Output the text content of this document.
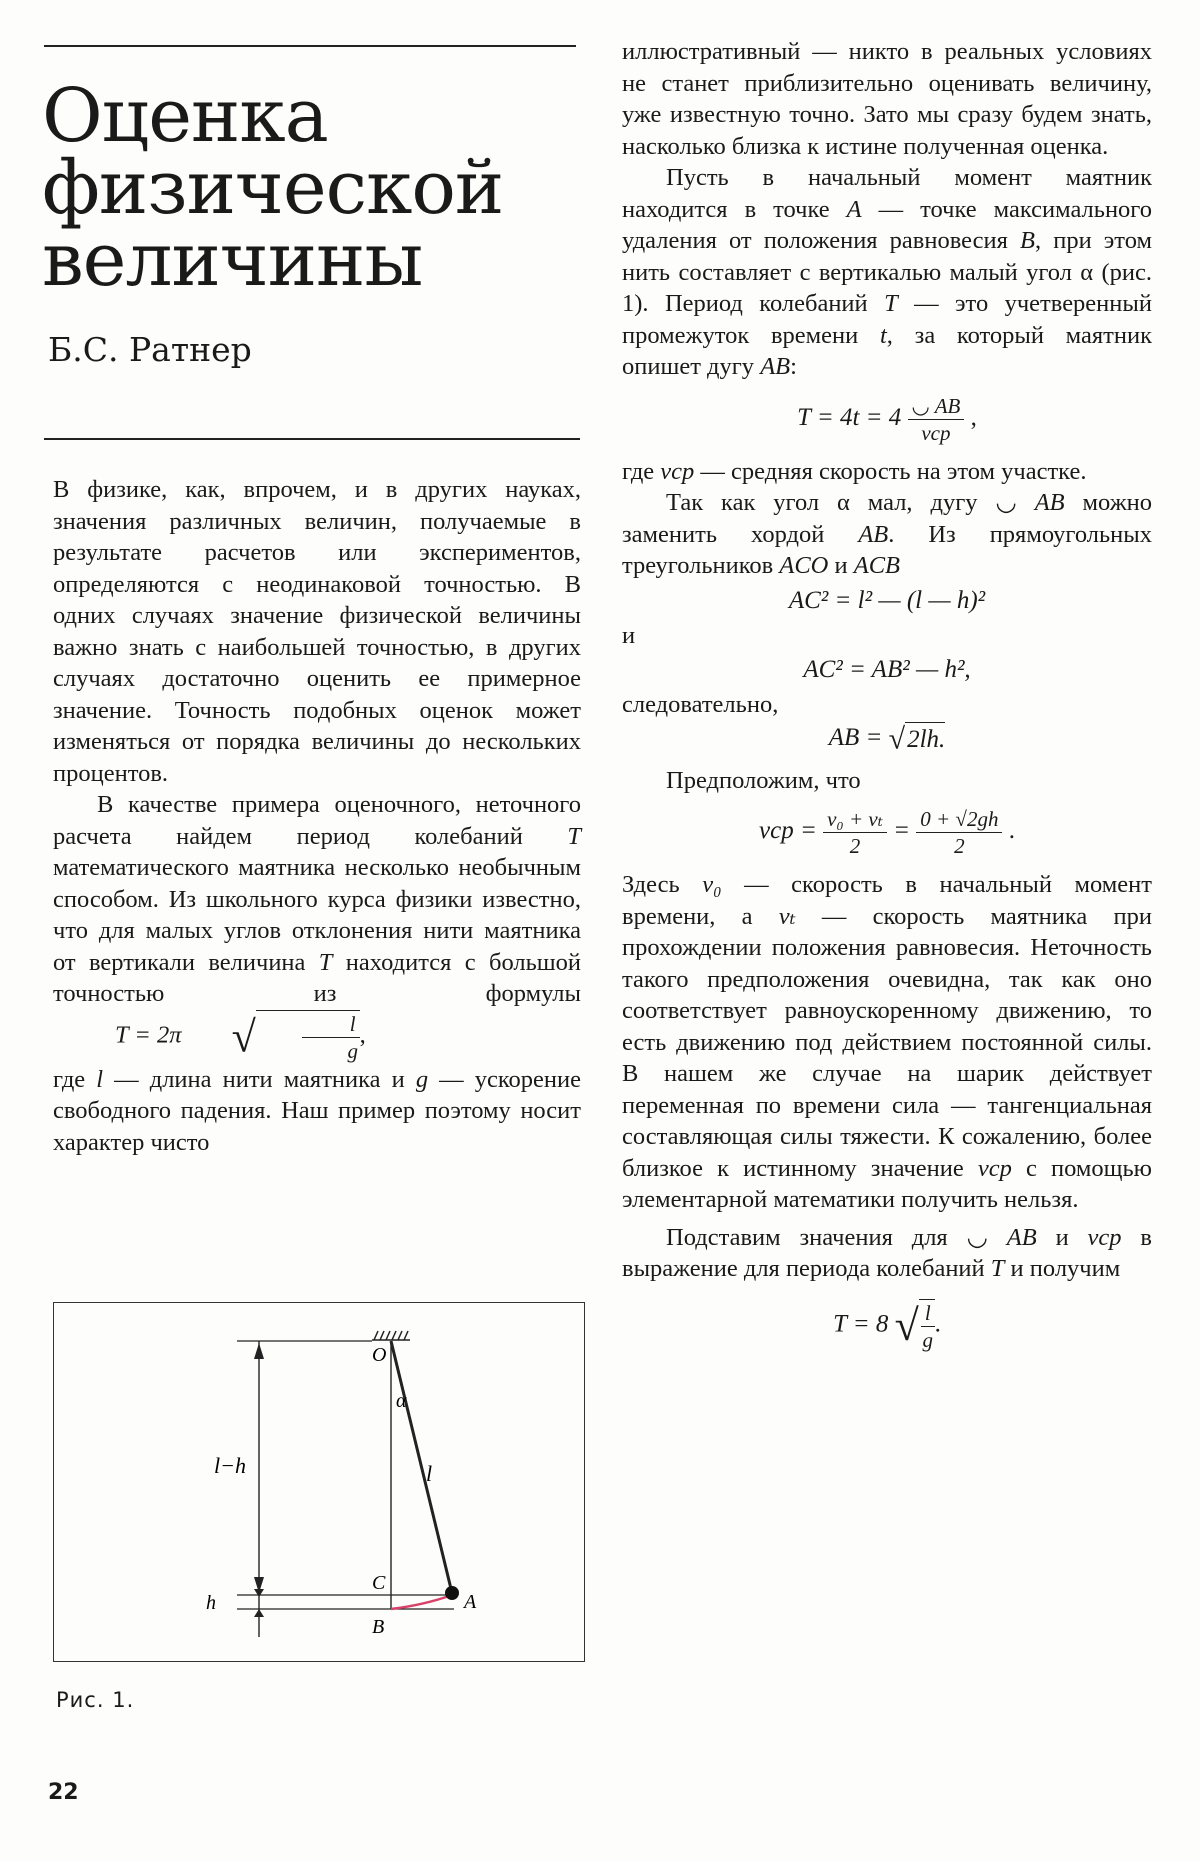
Оценка
физической
величины
Б.С. Ратнер

В физике, как, впрочем, и в других науках, значения различных величин, получаемые в результате расчетов или экспериментов, определяются с неодинаковой точностью. В одних случаях значение физической величины важно знать с наибольшей точностью, в других случаях достаточно оценить ее примерное значение. Точность подобных оценок может изменяться от порядка величины до нескольких процентов.

В качестве примера оценочного, неточного расчета найдем период колебаний T математического маятника несколько необычным способом. Из школьного курса физики известно, что для малых углов отклонения нити маятника от вертикали величина T находится с большой точностью из формулы T = 2π √ $\frac{l}{g}$ ,

где l — длина нити маятника и g — ускорение свободного падения. Наш пример поэтому носит характер чисто

O
α
l
l−h
C
h	A
B
Рис. 1.
22

иллюстративный — никто в реальных условиях не станет приблизительно оценивать величину, уже известную точно. Зато мы сразу будем знать, насколько близка к истине полученная оценка.

Пусть в начальный момент маятник находится в точке A — точке максимального удаления от положения равновесия B, при этом нить составляет с вертикалью малый угол α (рис. 1). Период колебаний T — это учетверенный промежуток времени t, за который маятник опишет дугу AB:

$T = 4t = 4 \frac{◡ AB}{\text{vср}}$ ,

где vср — средняя скорость на этом участке.

Так как угол α мал, дугу ◡ AB можно заменить хордой AB. Из прямоугольных треугольников ACO и ACB

AC² = l² — (l — h)²

и

AC² = AB² — h²,

следовательно,

AB = √2lh.

Предположим, что

vср = $\frac{\text{v₀ + vₜ}}{2} = \frac{0 + √2gh}{2}$ .

Здесь v₀ — скорость в начальный момент времени, а vₜ — скорость маятника при прохождении положения равновесия. Неточность такого предположения очевидна, так как оно соответствует равноускоренному движению, то есть движению под действием постоянной силы. В нашем же случае на шарик действует переменная по времени сила — тангенциальная составляющая силы тяжести. К сожалению, более близкое к истинному значение vср с помощью элементарной математики получить нельзя.

Подставим значения для ◡ AB и vср в выражение для периода колебаний T и получим

T = 8 √ $\frac{l}{g}$ .
